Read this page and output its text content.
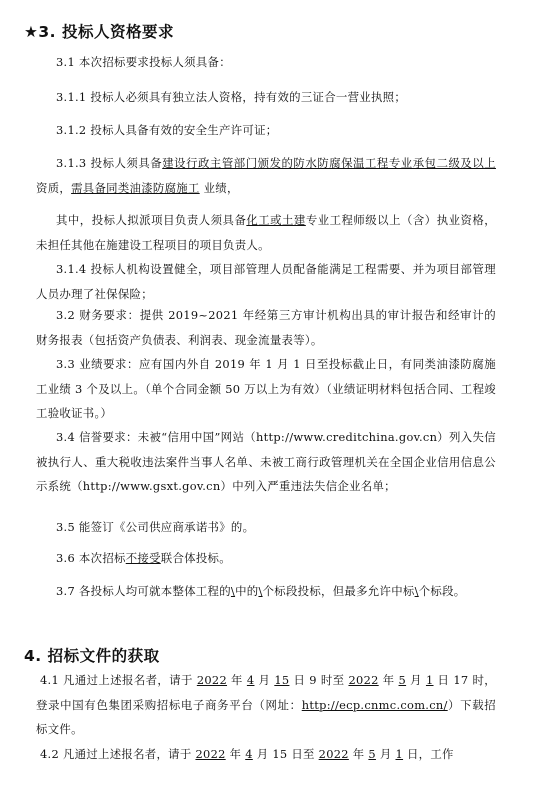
★3. 投标人资格要求
3.1 本次招标要求投标人须具备：
3.1.1 投标人必须具有独立法人资格，持有效的三证合一营业执照；
3.1.2 投标人具备有效的安全生产许可证；
3.1.3 投标人须具备建设行政主管部门颁发的防水防腐保温工程专业承包二级及以上 资质，需具备同类油漆防腐施工 业绩，
其中，投标人拟派项目负责人须具备化工或土建专业工程师级以上（含）执业资格，未担任其他在施建设工程项目的项目负责人。
3.1.4 投标人机构设置健全，项目部管理人员配备能满足工程需要、并为项目部管理人员办理了社保保险；
3.2 财务要求：提供 2019~2021 年经第三方审计机构出具的审计报告和经审计的财务报表（包括资产负债表、利润表、现金流量表等）。
3.3 业绩要求：应有国内外自 2019 年 1 月 1 日至投标截止日，有同类油漆防腐施工业绩 3 个及以上。（单个合同金额 50 万以上为有效）（业绩证明材料包括合同、工程竣工验收证书。）
3.4 信誉要求：未被“信用中国”网站（http://www.creditchina.gov.cn）列入失信被执行人、重大税收违法案件当事人名单、未被工商行政管理机关在全国企业信用信息公示系统（http://www.gsxt.gov.cn）中列入严重违法失信企业名单；
3.5 能签订《公司供应商承诺书》的。
3.6 本次招标不接受联合体投标。
3.7 各投标人均可就本整体工程的\中的\个标段投标，但最多允许中标\个标段。
4. 招标文件的获取
4.1 凡通过上述报名者，请于 2022 年 4 月 15 日 9 时至 2022 年 5 月 1 日 17 时，登录中国有色集团采购招标电子商务平台（网址：http://ecp.cnmc.com.cn/）下载招标文件。
4.2 凡通过上述报名者，请于 2022 年 4 月 15 日至 2022 年 5 月 1 日，工作
